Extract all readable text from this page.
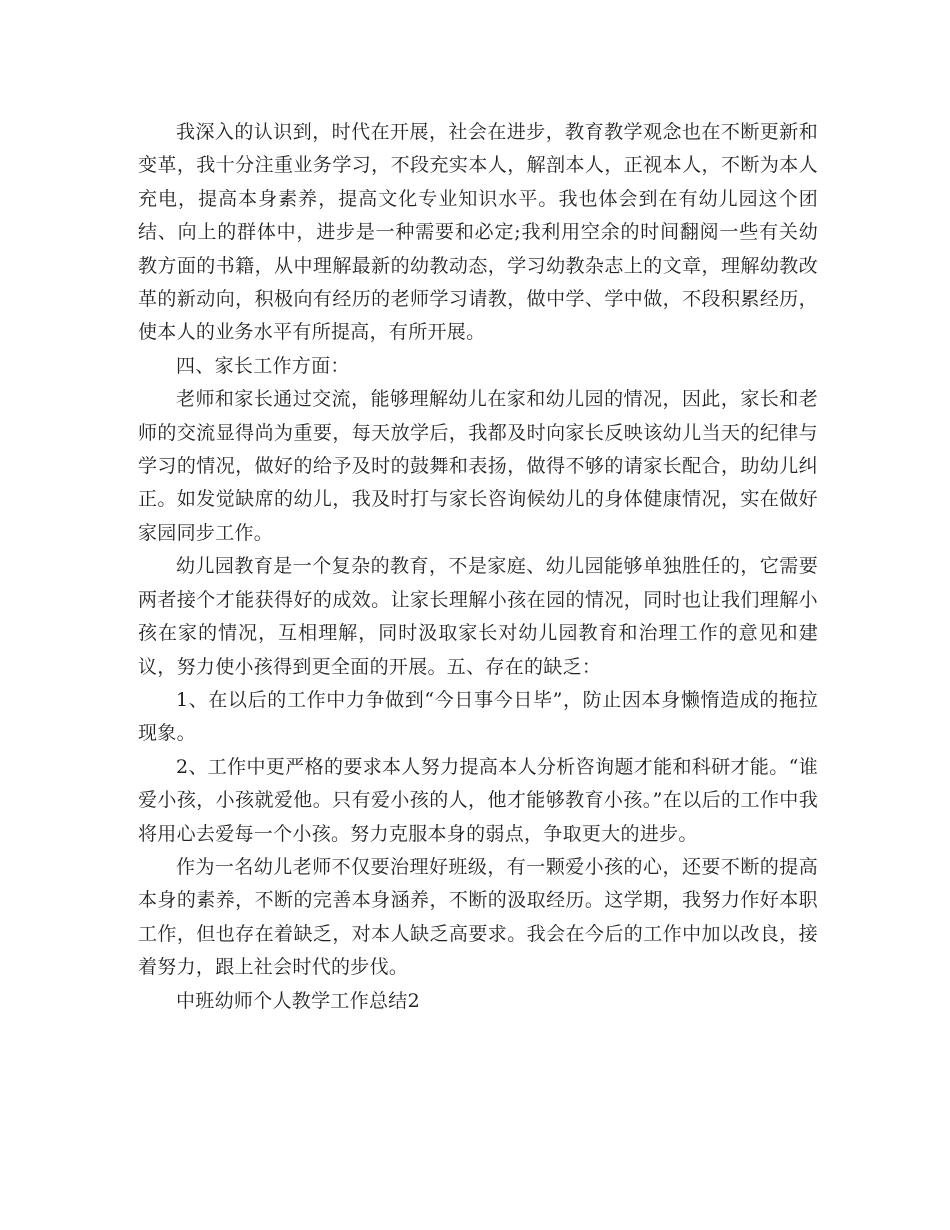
我深入的认识到，时代在开展，社会在进步，教育教学观念也在不断更新和变革，我十分注重业务学习，不段充实本人，解剖本人，正视本人，不断为本人充电，提高本身素养，提高文化专业知识水平。我也体会到在有幼儿园这个团结、向上的群体中，进步是一种需要和必定;我利用空余的时间翻阅一些有关幼教方面的书籍，从中理解最新的幼教动态，学习幼教杂志上的文章，理解幼教改革的新动向，积极向有经历的老师学习请教，做中学、学中做，不段积累经历，使本人的业务水平有所提高，有所开展。

四、家长工作方面：

老师和家长通过交流，能够理解幼儿在家和幼儿园的情况，因此，家长和老师的交流显得尚为重要，每天放学后，我都及时向家长反映该幼儿当天的纪律与学习的情况，做好的给予及时的鼓舞和表扬，做得不够的请家长配合，助幼儿纠正。如发觉缺席的幼儿，我及时打与家长咨询候幼儿的身体健康情况，实在做好家园同步工作。

幼儿园教育是一个复杂的教育，不是家庭、幼儿园能够单独胜任的，它需要两者接个才能获得好的成效。让家长理解小孩在园的情况，同时也让我们理解小孩在家的情况，互相理解，同时汲取家长对幼儿园教育和治理工作的意见和建议，努力使小孩得到更全面的开展。五、存在的缺乏：

1、在以后的工作中力争做到“今日事今日毕”，防止因本身懒惰造成的拖拉现象。

2、工作中更严格的要求本人努力提高本人分析咨询题才能和科研才能。“谁爱小孩，小孩就爱他。只有爱小孩的人，他才能够教育小孩。”在以后的工作中我将用心去爱每一个小孩。努力克服本身的弱点，争取更大的进步。

作为一名幼儿老师不仅要治理好班级，有一颗爱小孩的心，还要不断的提高本身的素养，不断的完善本身涵养，不断的汲取经历。这学期，我努力作好本职工作，但也存在着缺乏，对本人缺乏高要求。我会在今后的工作中加以改良，接着努力，跟上社会时代的步伐。

中班幼师个人教学工作总结2
